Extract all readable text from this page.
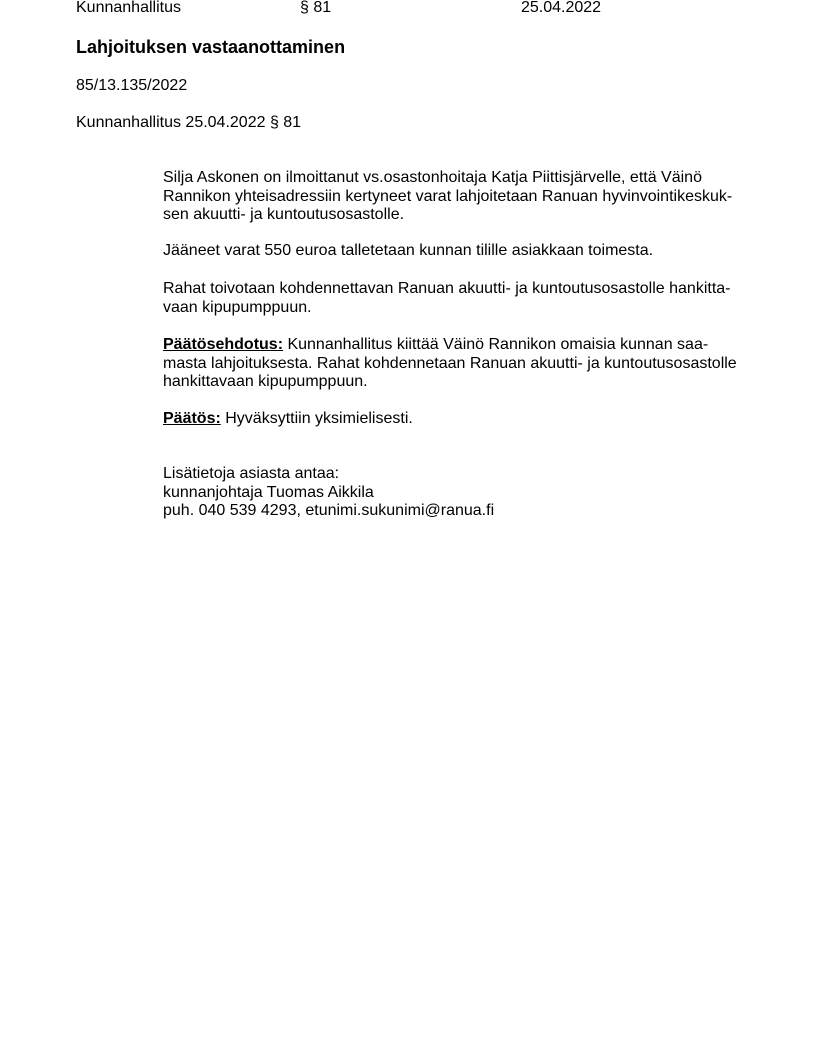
Kunnanhallitus	§ 81	25.04.2022
Lahjoituksen vastaanottaminen
85/13.135/2022
Kunnanhallitus 25.04.2022 § 81
Silja Askonen on ilmoittanut vs.osastonhoitaja Katja Piittisjärvelle, että Väinö
Rannikon yhteisadressiin kertyneet varat lahjoitetaan Ranuan hyvinvointikeskuk-
sen akuutti- ja kuntoutusosastolle.
Jääneet varat 550 euroa talletetaan kunnan tilille asiakkaan toimesta.
Rahat toivotaan kohdennettavan Ranuan akuutti- ja kuntoutusosastolle hankitta-
vaan kipupumppuun.
Päätösehdotus: Kunnanhallitus kiittää Väinö Rannikon omaisia kunnan saa-
masta lahjoituksesta. Rahat kohdennetaan Ranuan akuutti- ja kuntoutusosastolle
hankittavaan kipupumppuun.
Päätös: Hyväksyttiin yksimielisesti.
Lisätietoja asiasta antaa:
kunnanjohtaja Tuomas Aikkila
puh. 040 539 4293, etunimi.sukunimi@ranua.fi
